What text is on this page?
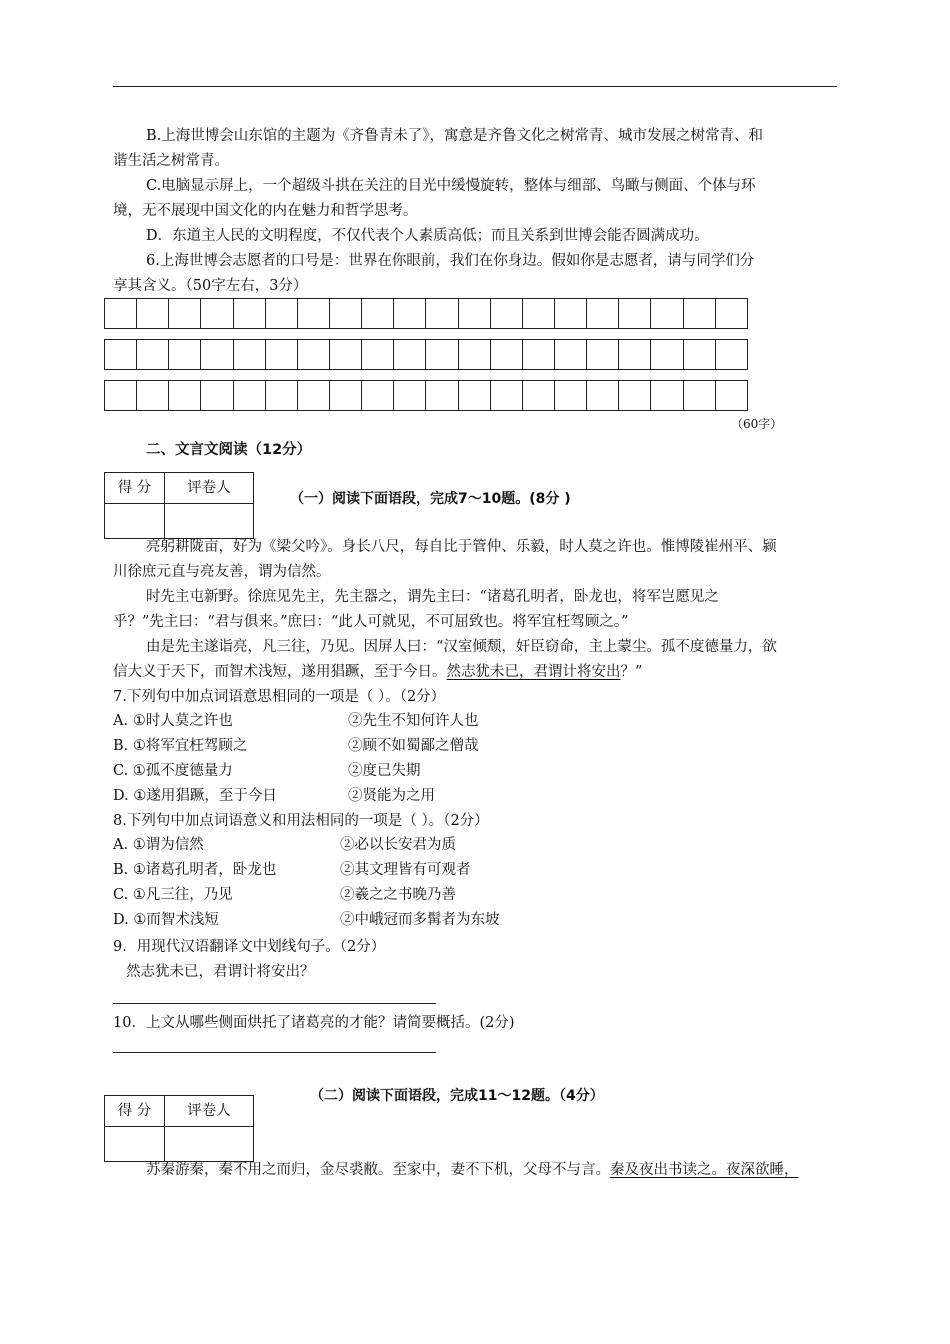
B.上海世博会山东馆的主题为《齐鲁青未了》，寓意是齐鲁文化之树常青、城市发展之树常青、和
谐生活之树常青。
C.电脑显示屏上，一个超级斗拱在关注的目光中缓慢旋转，整体与细部、鸟瞰与侧面、个体与环
境，无不展现中国文化的内在魅力和哲学思考。
D．东道主人民的文明程度，不仅代表个人素质高低；而且关系到世博会能否圆满成功。
6.上海世博会志愿者的口号是：世界在你眼前，我们在你身边。假如你是志愿者，请与同学们分
享其含义。（50字左右，3分）
（60字）
二、文言文阅读（12分）
得 分	评卷人
（一）阅读下面语段，完成7～10题。(8分 )
亮躬耕陇亩，好为《梁父吟》。身长八尺，每自比于管仲、乐毅，时人莫之许也。惟博陵崔州平、颍
川徐庶元直与亮友善，谓为信然。
时先主屯新野。徐庶见先主，先主器之，谓先主曰：“诸葛孔明者，卧龙也，将军岂愿见之
乎？”先主曰：“君与俱来。”庶曰：“此人可就见，不可屈致也。将军宜枉驾顾之。”
由是先主遂诣亮，凡三往，乃见。因屏人曰：“汉室倾颓，奸臣窃命，主上蒙尘。孤不度德量力，欲
信大义于天下，而智术浅短，遂用猖蹶，至于今日。然志犹未已，君谓计将安出？”
7.下列句中加点词语意思相同的一项是（ ）。（2分）
A. ①时人莫之许也	②先生不知何许人也
B. ①将军宜枉驾顾之	②顾不如蜀鄙之僧哉
C. ①孤不度德量力	②度已失期
D. ①遂用猖蹶，至于今日	②贤能为之用
8.下列句中加点词语意义和用法相同的一项是（ ）。（2分）
A. ①谓为信然	②必以长安君为质
B. ①诸葛孔明者，卧龙也	②其文理皆有可观者
C. ①凡三往，乃见	②羲之之书晚乃善
D. ①而智术浅短	②中峨冠而多髯者为东坡
9．用现代汉语翻译文中划线句子。（2分）
然志犹未已，君谓计将安出？
10．上文从哪些侧面烘托了诸葛亮的才能？请简要概括。(2分)
（二）阅读下面语段，完成11～12题。（4分）
得 分	评卷人
苏秦游秦，秦不用之而归，金尽裘敝。至家中，妻不下机，父母不与言。秦及夜出书读之。夜深欲睡，
